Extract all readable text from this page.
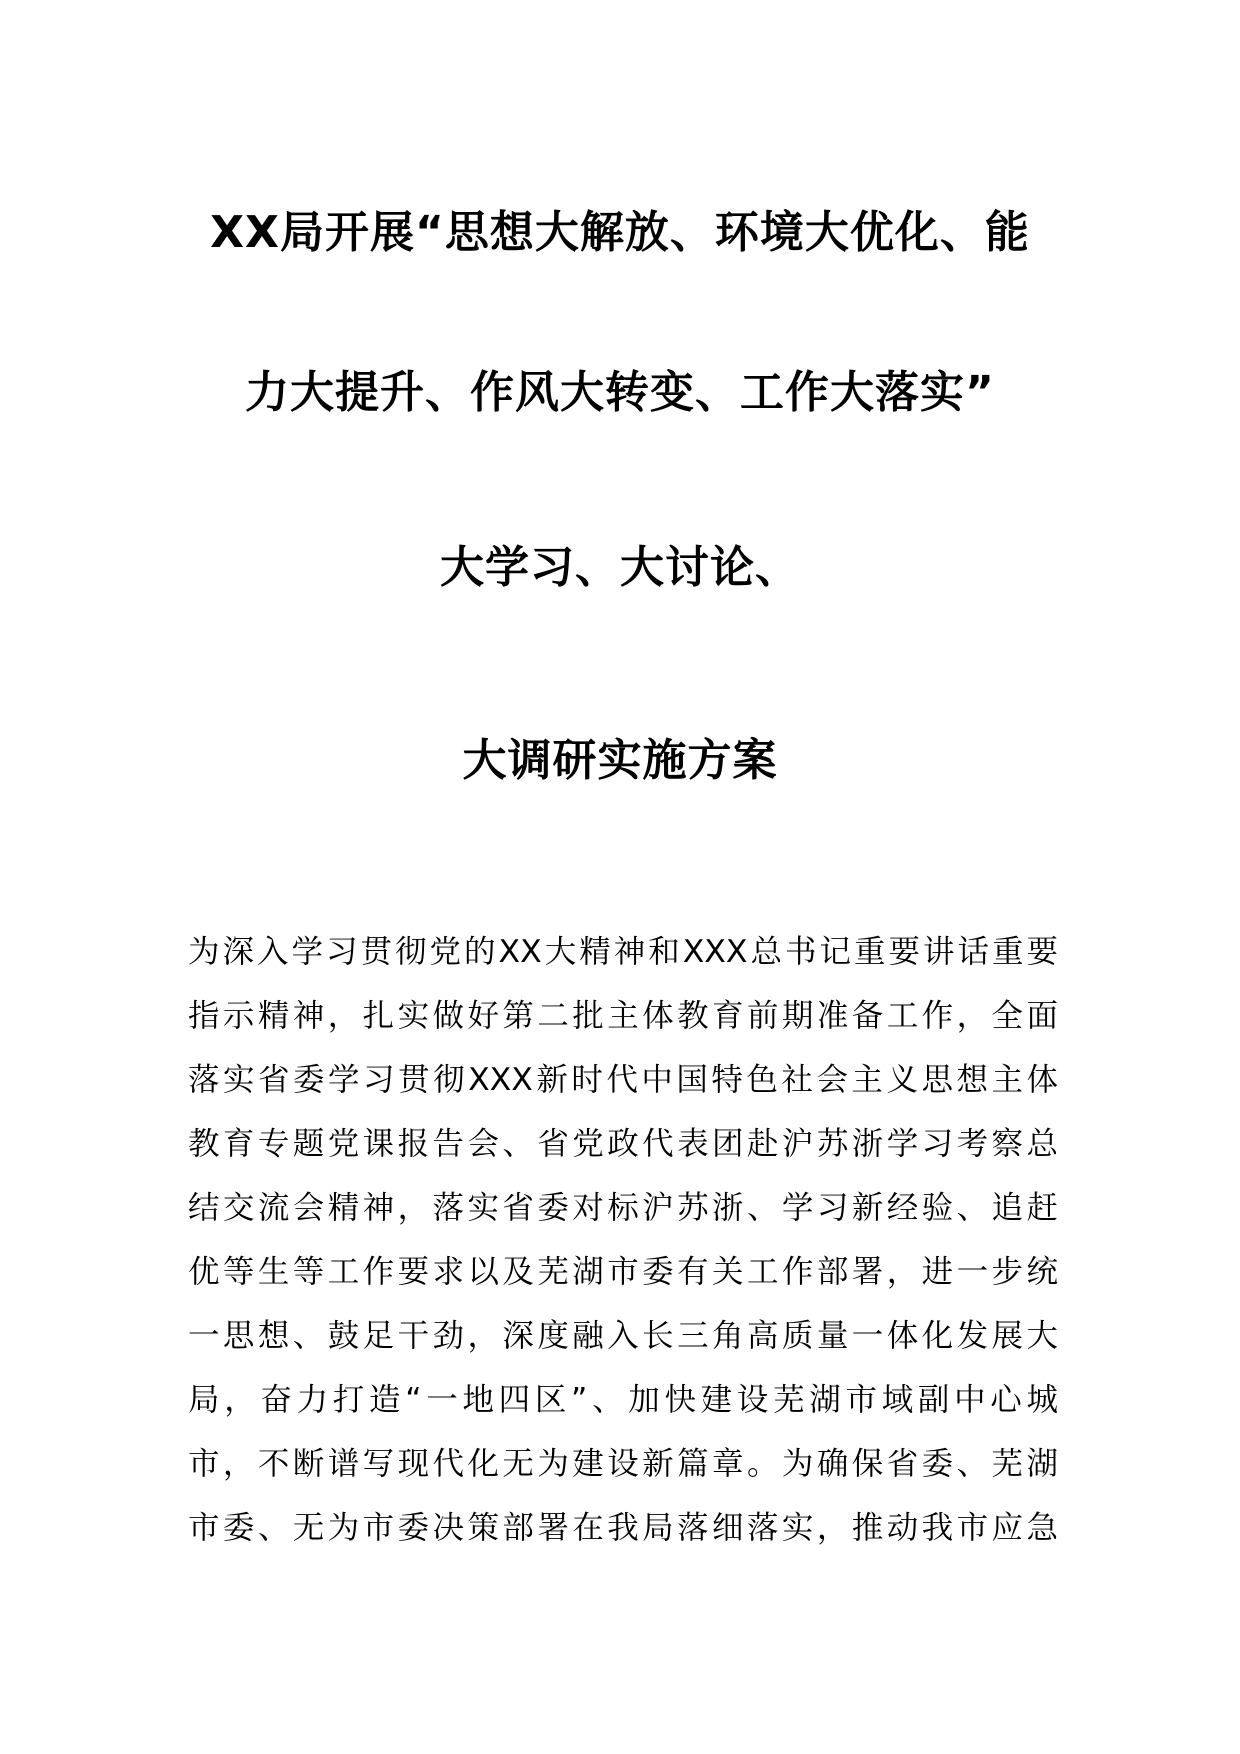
XX局开展“思想大解放、环境大优化、能
力大提升、作风大转变、工作大落实”
大学习、大讨论、
大调研实施方案
为深入学习贯彻党的XX大精神和XXX总书记重要讲话重要
指示精神，扎实做好第二批主体教育前期准备工作，全面
落实省委学习贯彻XXX新时代中国特色社会主义思想主体
教育专题党课报告会、省党政代表团赴沪苏浙学习考察总
结交流会精神，落实省委对标沪苏浙、学习新经验、追赶
优等生等工作要求以及芜湖市委有关工作部署，进一步统
一思想、鼓足干劲，深度融入长三角高质量一体化发展大
局，奋力打造“一地四区”、加快建设芜湖市域副中心城
市，不断谱写现代化无为建设新篇章。为确保省委、芜湖
市委、无为市委决策部署在我局落细落实，推动我市应急
